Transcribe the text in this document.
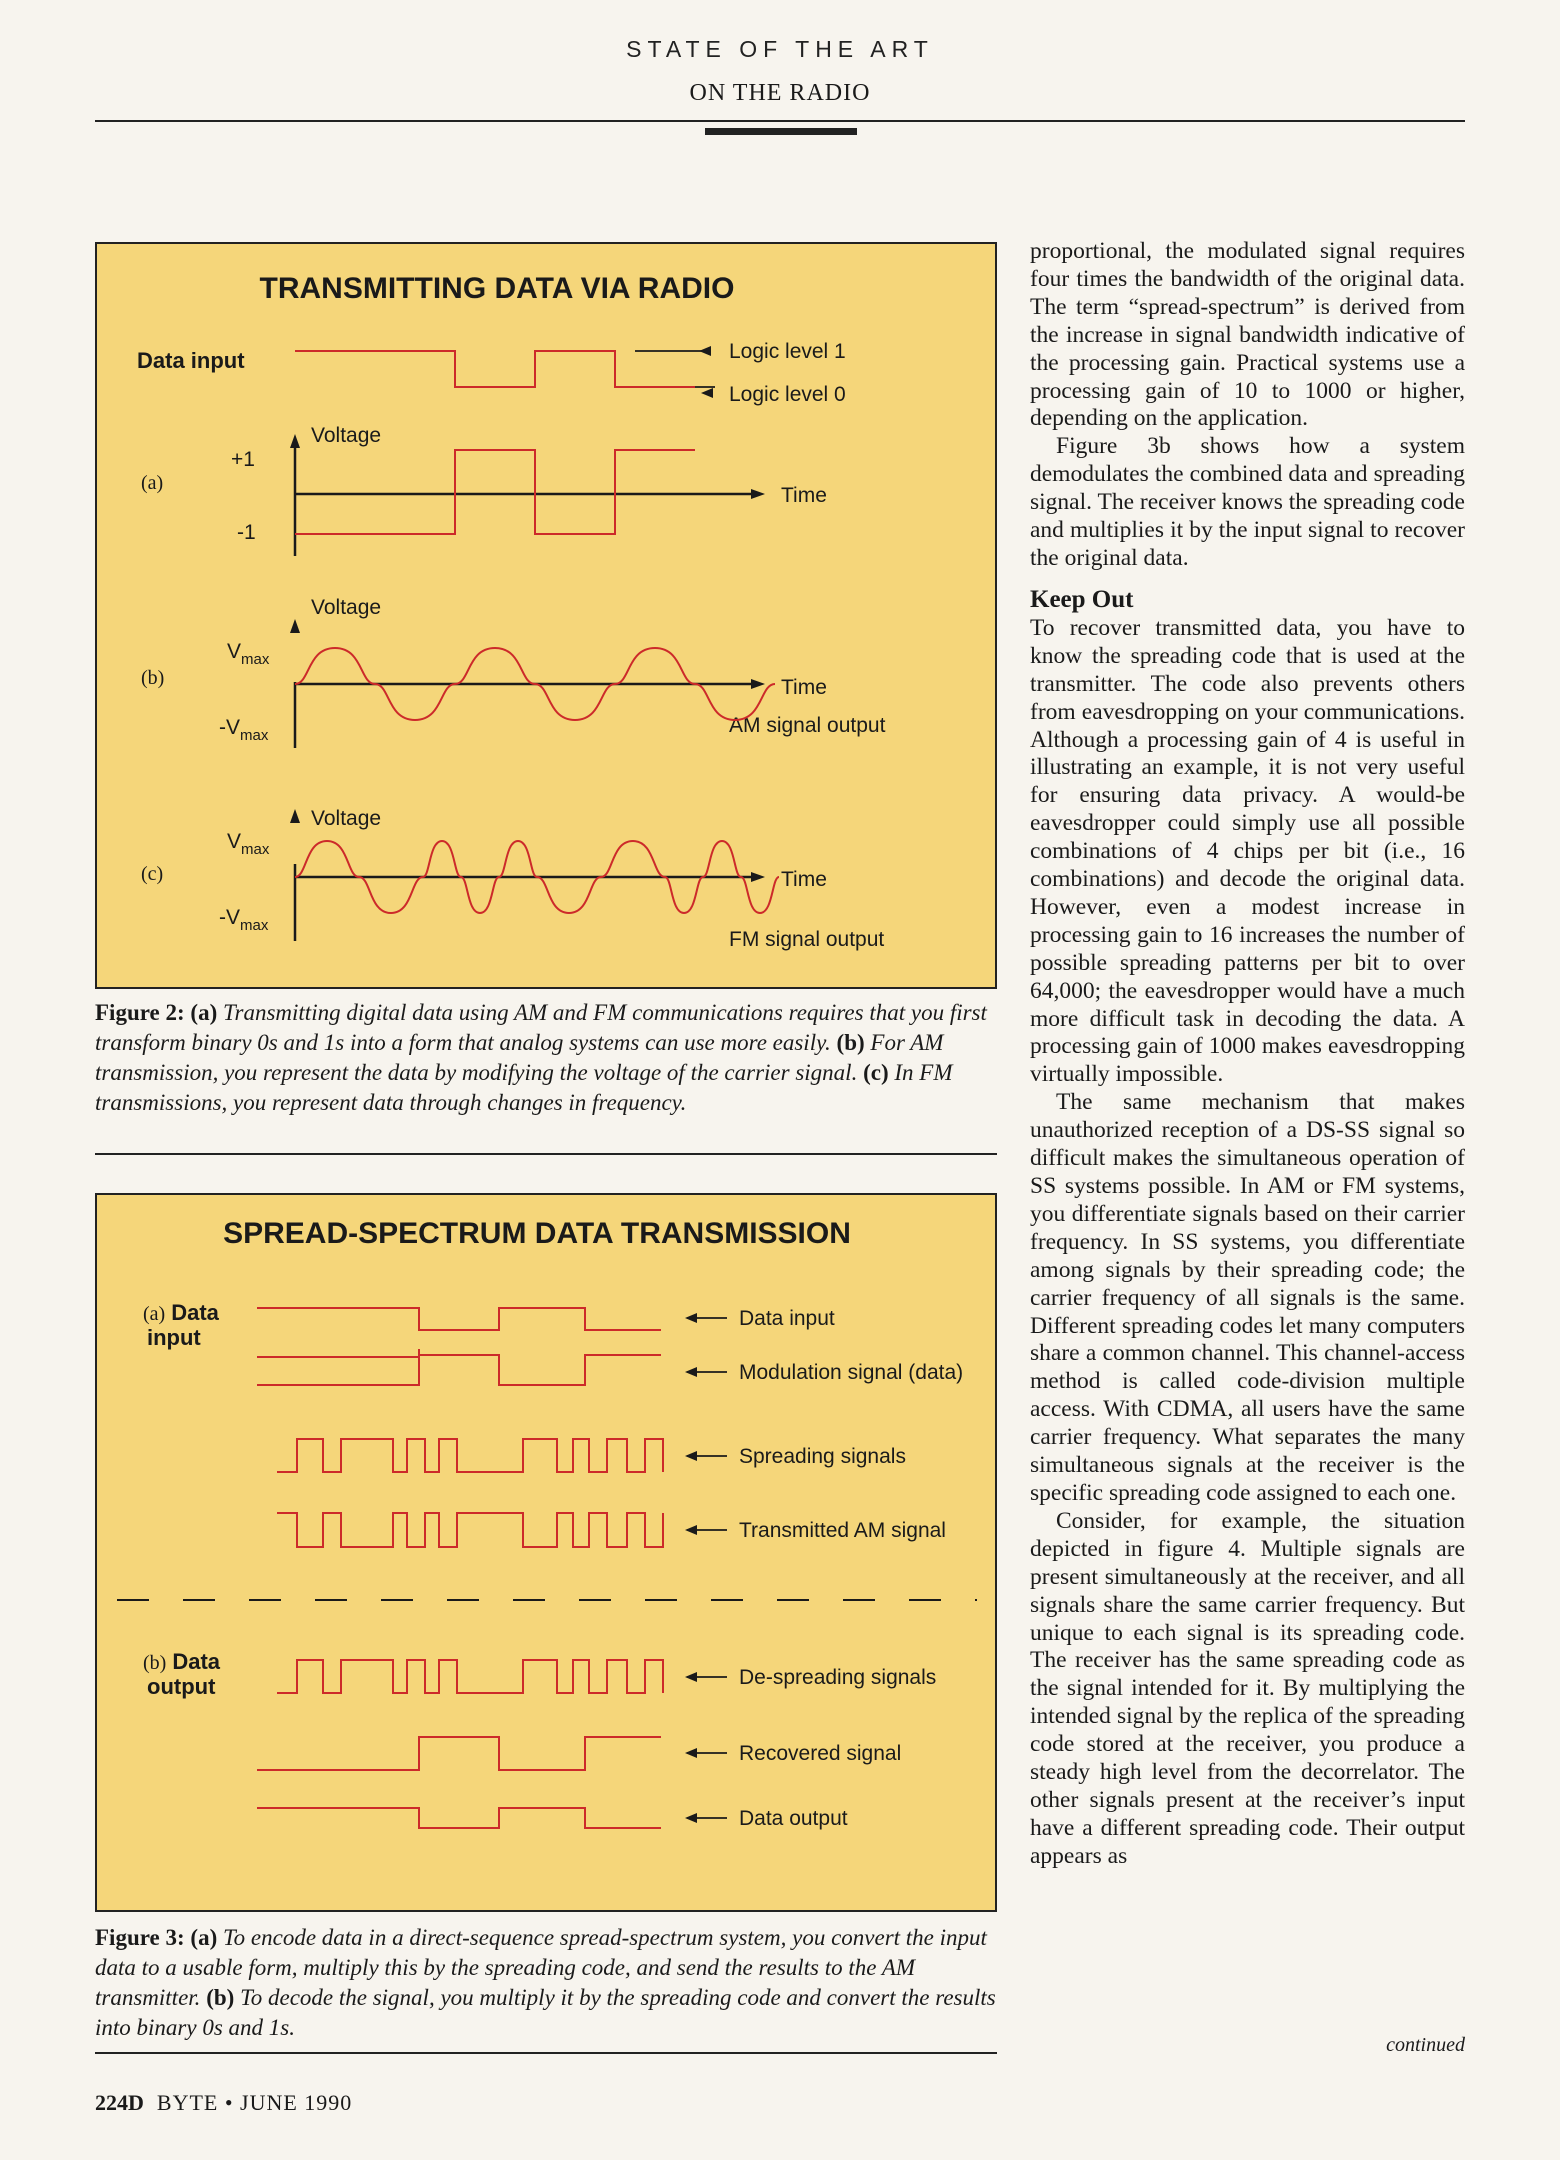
STATE OF THE ART
ON THE RADIO
TRANSMITTING DATA VIA RADIO
Data input	Logic level 1
Logic level 0
(a)
(b)
(c)
Voltage
+1
-1
Time
Voltage
$V_{max}$
$-V_{max}$
Time
AM signal output
Voltage
$V_{max}$
$-V_{max}$
Time
FM signal output
Figure 2: (a) Transmitting digital data using AM and FM communications requires that you first transform binary 0s and 1s into a form that analog systems can use more easily. (b) For AM transmission, you represent the data by modifying the voltage of the carrier signal. (c) In FM transmissions, you represent data through changes in frequency.
SPREAD-SPECTRUM DATA TRANSMISSION
(a) Data
input
(b) Data
output
Data input
Modulation signal (data)
Spreading signals
Transmitted AM signal
De-spreading signals
Recovered signal
Data output
Figure 3: (a) To encode data in a direct-sequence spread-spectrum system, you convert the input data to a usable form, multiply this by the spreading code, and send the results to the AM transmitter. (b) To decode the signal, you multiply it by the spreading code and convert the results into binary 0s and 1s.

proportional, the modulated signal requires four times the bandwidth of the original data. The term “spread-spectrum” is derived from the increase in signal bandwidth indicative of the processing gain. Practical systems use a processing gain of 10 to 1000 or higher, depending on the application.

Figure 3b shows how a system demodulates the combined data and spreading signal. The receiver knows the spreading code and multiplies it by the input signal to recover the original data.

Keep Out

To recover transmitted data, you have to know the spreading code that is used at the transmitter. The code also prevents others from eavesdropping on your communications. Although a processing gain of 4 is useful in illustrating an example, it is not very useful for ensuring data privacy. A would-be eavesdropper could simply use all possible combinations of 4 chips per bit (i.e., 16 combinations) and decode the original data. However, even a modest increase in processing gain to 16 increases the number of possible spreading patterns per bit to over 64,000; the eavesdropper would have a much more difficult task in decoding the data. A processing gain of 1000 makes eavesdropping virtually impossible.

The same mechanism that makes unauthorized reception of a DS-SS signal so difficult makes the simultaneous operation of SS systems possible. In AM or FM systems, you differentiate signals based on their carrier frequency. In SS systems, you differentiate among signals by their spreading code; the carrier frequency of all signals is the same. Different spreading codes let many computers share a common channel. This channel-access method is called code-division multiple access. With CDMA, all users have the same carrier frequency. What separates the many simultaneous signals at the receiver is the specific spreading code assigned to each one.

Consider, for example, the situation depicted in figure 4. Multiple signals are present simultaneously at the receiver, and all signals share the same carrier frequency. But unique to each signal is its spreading code. The receiver has the same spreading code as the signal intended for it. By multiplying the intended signal by the replica of the spreading code stored at the receiver, you produce a steady high level from the decorrelator. The other signals present at the receiver’s input have a different spreading code. Their output appears as

continued
224D BYTE • JUNE 1990
